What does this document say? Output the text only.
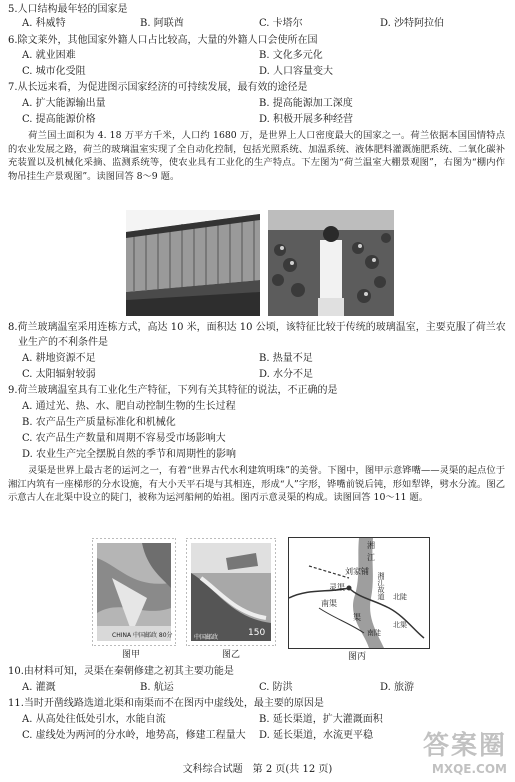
5.人口结构最年轻的国家是
A. 科威特	B. 阿联酋	C. 卡塔尔	D. 沙特阿拉伯
6.除文莱外，其他国家外籍人口占比较高，大量的外籍人口会使所在国
A. 就业困难	B. 文化多元化
C. 城市化受阻	D. 人口容量变大
7.从长远来看，为促进图示国家经济的可持续发展，最有效的途径是
A. 扩大能源输出量	B. 提高能源加工深度
C. 提高能源价格	D. 积极开展多种经营
荷兰国土面积为 4. 18 万平方千米，人口约 1680 万，是世界上人口密度最大的国家之一。荷兰依据本国国情特点的农业发展之路，荷兰的玻璃温室实现了全自动化控制，包括光照系统、加温系统、液体肥料灌溉施肥系统、二氧化碳补充装置以及机械化采摘、监测系统等，使农业具有工业化的生产特点。下左图为“荷兰温室大棚景观图”，右图为“棚内作物吊挂生产景观图”。读图回答 8～9 题。
8.荷兰玻璃温室采用连栋方式，高达 10 米，面积达 10 公顷，该特征比较于传统的玻璃温室，主要克服了荷兰农
业生产的不利条件是
A. 耕地资源不足	B. 热量不足
C. 太阳辐射较弱	D. 水分不足
9.荷兰玻璃温室具有工业化生产特征，下列有关其特征的说法，不正确的是
A. 通过光、热、水、肥自动控制生物的生长过程
B. 农产品生产质量标准化和机械化
C. 农产品生产数量和周期不容易受市场影响大
D. 农业生产完全摆脱自然的季节和周期性的影响
灵渠是世界上最古老的运河之一，有着“世界古代水利建筑明珠”的美誉。下图中，图甲示意铧嘴——灵渠的起点位于湘江内筑有一座梯形的分水设施，有大小天平石堤与其相连，形成“人”字形，铧嘴前锐后钝，形如犁铧，劈水分流。图乙示意古人在北渠中设立的陡门，被称为运河船闸的始祖。图丙示意灵渠的构成。读图回答 10～11 题。
CHINA 中国邮政 80分
图甲
150
中国邮政
图乙
湘
江
刘家铺
湘江故道
灵渠
南渠
渠
北陡
北渠
南陡
图丙
10.由材料可知，灵渠在秦朝修建之初其主要功能是
A. 灌溉	B. 航运	C. 防洪	D. 旅游
11.当时开凿线路选道北渠和南渠而不在图丙中虚线处，最主要的原因是
A. 从高处往低处引水，水能自流	B. 延长渠道，扩大灌溉面积
C. 虚线处为两河的分水岭，地势高，修建工程量大 D. 延长渠道，水流更平稳
文科综合试题　第 2 页(共 12 页)
答案圈
MXQE.COM
